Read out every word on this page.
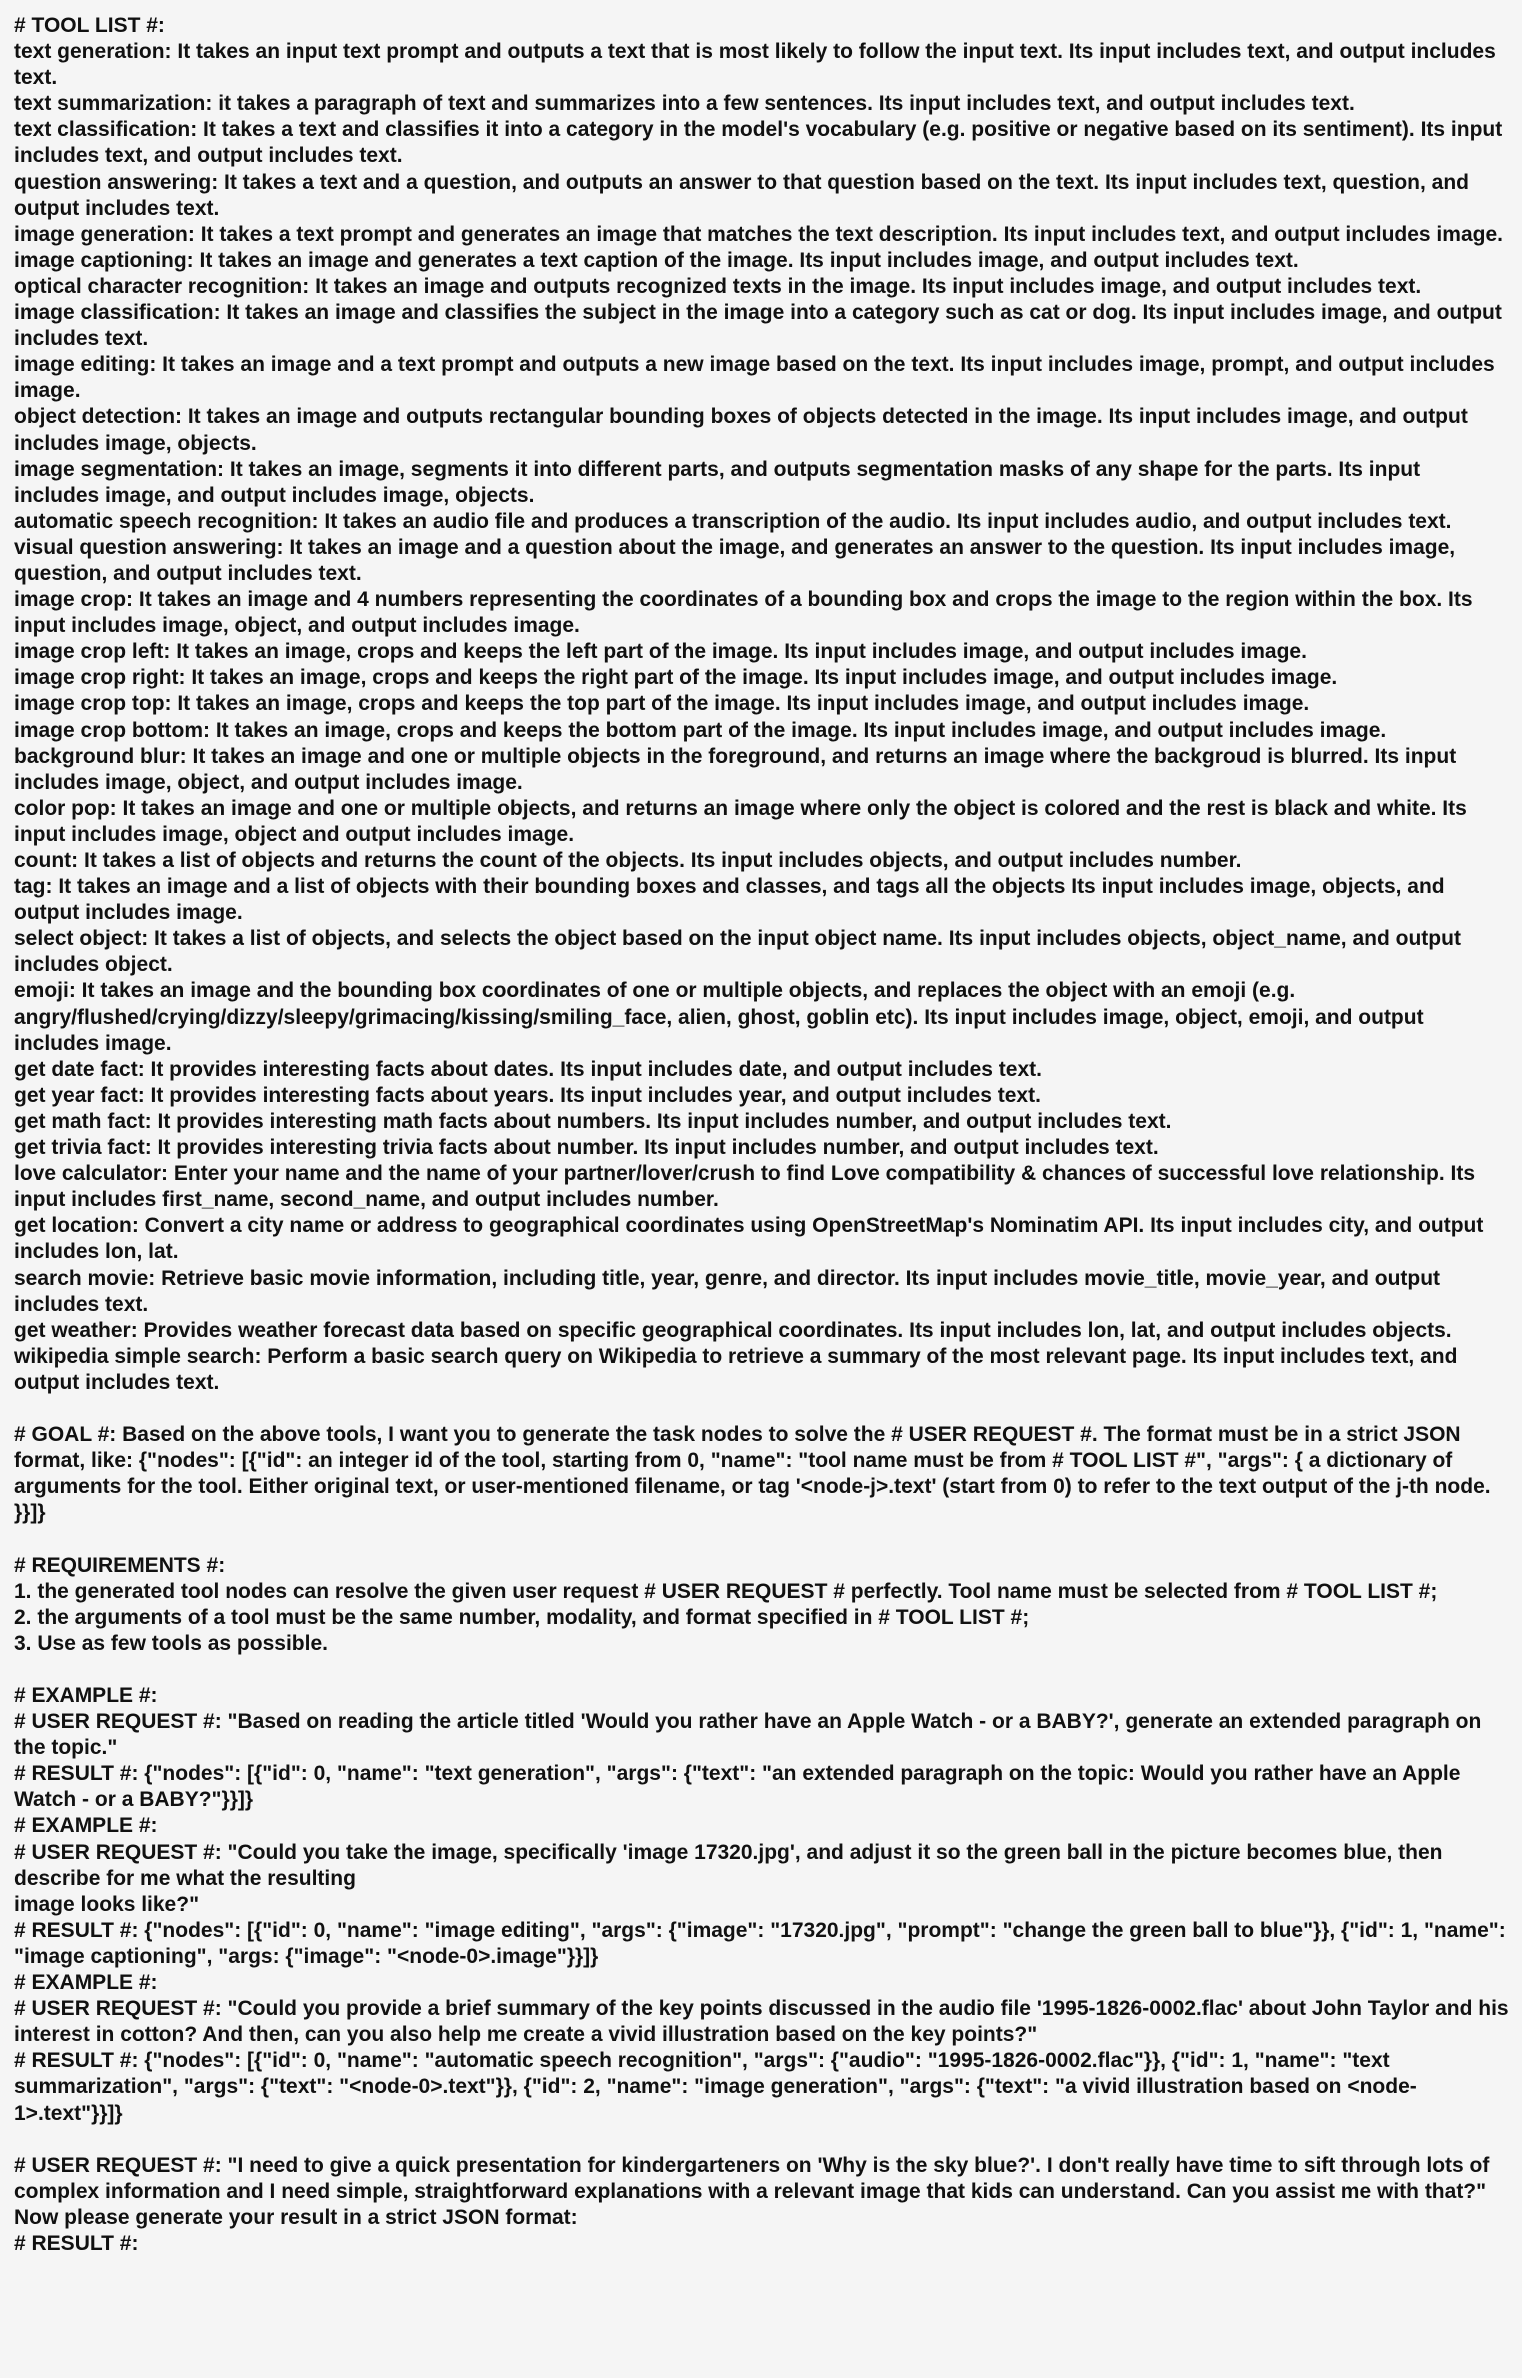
# TOOL LIST #:
text generation: It takes an input text prompt and outputs a text that is most likely to follow the input text. Its input includes text, and output includes text.
text summarization: it takes a paragraph of text and summarizes into a few sentences. Its input includes text, and output includes text.
text classification: It takes a text and classifies it into a category in the model's vocabulary (e.g. positive or negative based on its sentiment). Its input includes text, and output includes text.
question answering: It takes a text and a question, and outputs an answer to that question based on the text. Its input includes text, question, and output includes text.
image generation: It takes a text prompt and generates an image that matches the text description. Its input includes text, and output includes image.
image captioning: It takes an image and generates a text caption of the image. Its input includes image, and output includes text.
optical character recognition: It takes an image and outputs recognized texts in the image. Its input includes image, and output includes text.
image classification: It takes an image and classifies the subject in the image into a category such as cat or dog. Its input includes image, and output includes text.
image editing: It takes an image and a text prompt and outputs a new image based on the text. Its input includes image, prompt, and output includes image.
object detection: It takes an image and outputs rectangular bounding boxes of objects detected in the image. Its input includes image, and output includes image, objects.
image segmentation: It takes an image, segments it into different parts, and outputs segmentation masks of any shape for the parts. Its input includes image, and output includes image, objects.
automatic speech recognition: It takes an audio file and produces a transcription of the audio. Its input includes audio, and output includes text.
visual question answering: It takes an image and a question about the image, and generates an answer to the question. Its input includes image, question, and output includes text.
image crop: It takes an image and 4 numbers representing the coordinates of a bounding box and crops the image to the region within the box. Its input includes image, object, and output includes image.
image crop left: It takes an image, crops and keeps the left part of the image. Its input includes image, and output includes image.
image crop right: It takes an image, crops and keeps the right part of the image. Its input includes image, and output includes image.
image crop top: It takes an image, crops and keeps the top part of the image. Its input includes image, and output includes image.
image crop bottom: It takes an image, crops and keeps the bottom part of the image. Its input includes image, and output includes image.
background blur: It takes an image and one or multiple objects in the foreground, and returns an image where the backgroud is blurred. Its input includes image, object, and output includes image.
color pop: It takes an image and one or multiple objects, and returns an image where only the object is colored and the rest is black and white. Its input includes image, object and output includes image.
count: It takes a list of objects and returns the count of the objects. Its input includes objects, and output includes number.
tag: It takes an image and a list of objects with their bounding boxes and classes, and tags all the objects Its input includes image, objects, and output includes image.
select object: It takes a list of objects, and selects the object based on the input object name. Its input includes objects, object_name, and output includes object.
emoji: It takes an image and the bounding box coordinates of one or multiple objects, and replaces the object with an emoji (e.g. angry/flushed/crying/dizzy/sleepy/grimacing/kissing/smiling_face, alien, ghost, goblin etc). Its input includes image, object, emoji, and output includes image.
get date fact: It provides interesting facts about dates. Its input includes date, and output includes text.
get year fact: It provides interesting facts about years. Its input includes year, and output includes text.
get math fact: It provides interesting math facts about numbers. Its input includes number, and output includes text.
get trivia fact: It provides interesting trivia facts about number. Its input includes number, and output includes text.
love calculator: Enter your name and the name of your partner/lover/crush to find Love compatibility & chances of successful love relationship. Its input includes first_name, second_name, and output includes number.
get location: Convert a city name or address to geographical coordinates using OpenStreetMap's Nominatim API. Its input includes city, and output includes lon, lat.
search movie: Retrieve basic movie information, including title, year, genre, and director. Its input includes movie_title, movie_year, and output includes text.
get weather: Provides weather forecast data based on specific geographical coordinates. Its input includes lon, lat, and output includes objects.
wikipedia simple search: Perform a basic search query on Wikipedia to retrieve a summary of the most relevant page. Its input includes text, and output includes text.
# GOAL #: Based on the above tools, I want you to generate the task nodes to solve the # USER REQUEST #. The format must be in a strict JSON format, like: {"nodes": [{"id": an integer id of the tool, starting from 0, "name": "tool name must be from # TOOL LIST #", "args": { a dictionary of arguments for the tool. Either original text, or user-mentioned filename, or tag '<node-j>.text' (start from 0) to refer to the text output of the j-th node. }}]}
# REQUIREMENTS #:
1. the generated tool nodes can resolve the given user request # USER REQUEST # perfectly. Tool name must be selected from # TOOL LIST #;
2. the arguments of a tool must be the same number, modality, and format specified in # TOOL LIST #;
3. Use as few tools as possible.
# EXAMPLE #:
# USER REQUEST #: "Based on reading the article titled 'Would you rather have an Apple Watch - or a BABY?', generate an extended paragraph on the topic."
# RESULT #: {"nodes": [{"id": 0, "name": "text generation", "args": {"text": "an extended paragraph on the topic: Would you rather have an Apple Watch - or a BABY?"}}]}
# EXAMPLE #:
# USER REQUEST #: "Could you take the image, specifically 'image 17320.jpg', and adjust it so the green ball in the picture becomes blue, then describe for me what the resulting
image looks like?"
# RESULT #: {"nodes": [{"id": 0, "name": "image editing", "args": {"image": "17320.jpg", "prompt": "change the green ball to blue"}}, {"id": 1, "name": "image captioning", "args: {"image": "<node-0>.image"}}]}
# EXAMPLE #:
# USER REQUEST #: "Could you provide a brief summary of the key points discussed in the audio file '1995-1826-0002.flac' about John Taylor and his interest in cotton? And then, can you also help me create a vivid illustration based on the key points?"
# RESULT #: {"nodes": [{"id": 0, "name": "automatic speech recognition", "args": {"audio": "1995-1826-0002.flac"}}, {"id": 1, "name": "text summarization", "args": {"text": "<node-0>.text"}}, {"id": 2, "name": "image generation", "args": {"text": "a vivid illustration based on <node-1>.text"}}]}
# USER REQUEST #: "I need to give a quick presentation for kindergarteners on 'Why is the sky blue?'. I don't really have time to sift through lots of complex information and I need simple, straightforward explanations with a relevant image that kids can understand. Can you assist me with that?"
Now please generate your result in a strict JSON format:
# RESULT #:
